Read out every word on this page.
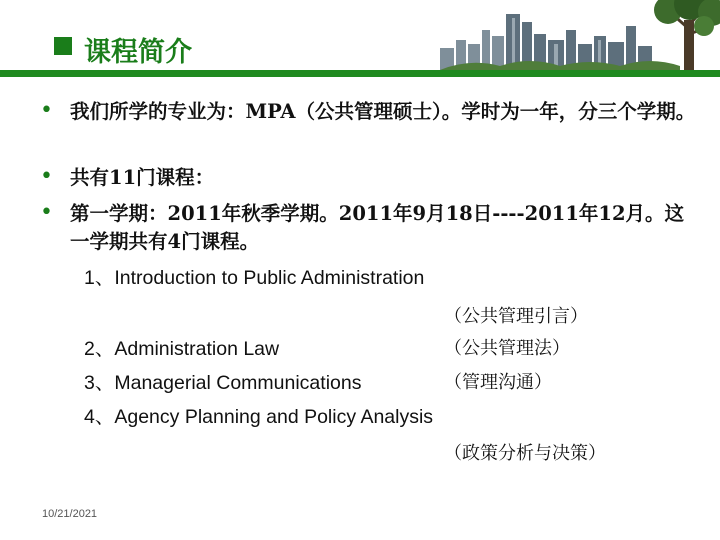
课程简介
• 我们所学的专业为：MPA（公共管理硕士）。学时为一年，分三个学期。
• 共有11门课程：
• 第一学期：2011年秋季学期。2011年9月18日----2011年12月。这一学期共有4门课程。
1、Introduction to Public Administration
（公共管理引言）
2、Administration Law	（公共管理法）
3、Managerial Communications	（管理沟通）
4、Agency Planning and Policy Analysis
（政策分析与决策）
10/21/2021
